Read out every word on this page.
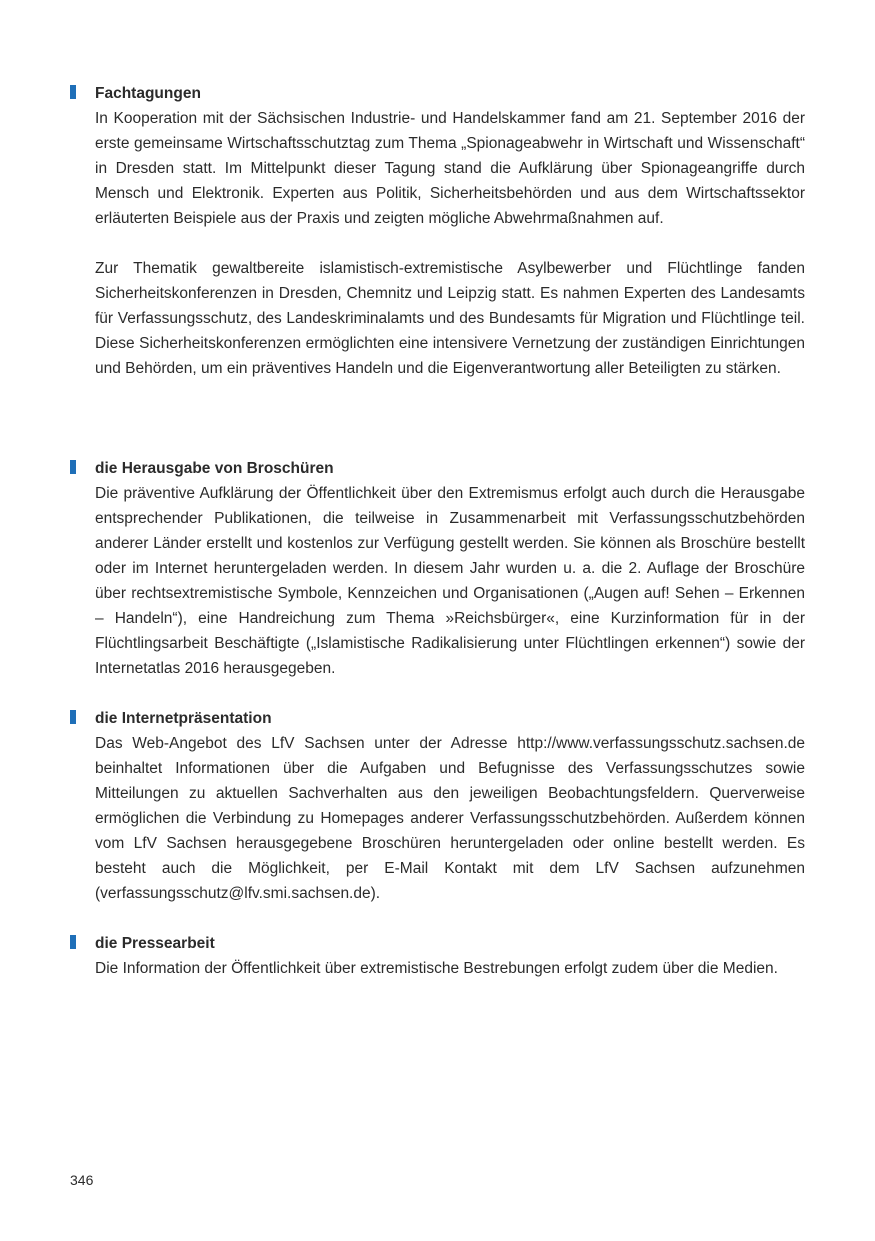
Fachtagungen

In Kooperation mit der Sächsischen Industrie- und Handelskammer fand am 21. September 2016 der erste gemeinsame Wirtschaftsschutztag zum Thema „Spionageabwehr in Wirtschaft und Wissenschaft“ in Dresden statt. Im Mittelpunkt dieser Tagung stand die Aufklärung über Spionageangriffe durch Mensch und Elektronik. Experten aus Politik, Sicherheitsbehörden und aus dem Wirtschaftssektor erläuterten Beispiele aus der Praxis und zeigten mögliche Abwehrmaßnahmen auf.

Zur Thematik gewaltbereite islamistisch-extremistische Asylbewerber und Flüchtlinge fanden Sicherheitskonferenzen in Dresden, Chemnitz und Leipzig statt. Es nahmen Experten des Landesamts für Verfassungsschutz, des Landeskriminalamts und des Bundesamts für Migration und Flüchtlinge teil. Diese Sicherheitskonferenzen ermöglichten eine intensivere Vernetzung der zuständigen Einrichtungen und Behörden, um ein präventives Handeln und die Eigenverantwortung aller Beteiligten zu stärken.

die Herausgabe von Broschüren

Die präventive Aufklärung der Öffentlichkeit über den Extremismus erfolgt auch durch die Herausgabe entsprechender Publikationen, die teilweise in Zusammenarbeit mit Verfassungsschutzbehörden anderer Länder erstellt und kostenlos zur Verfügung gestellt werden. Sie können als Broschüre bestellt oder im Internet heruntergeladen werden. In diesem Jahr wurden u. a. die 2. Auflage der Broschüre über rechtsextremistische Symbole, Kennzeichen und Organisationen („Augen auf! Sehen – Erkennen – Handeln“), eine Handreichung zum Thema »Reichsbürger«, eine Kurzinformation für in der Flüchtlingsarbeit Beschäftigte („Islamistische Radikalisierung unter Flüchtlingen erkennen“) sowie der Internetatlas 2016 herausgegeben.

die Internetpräsentation

Das Web-Angebot des LfV Sachsen unter der Adresse http://www.verfassungsschutz.sachsen.de beinhaltet Informationen über die Aufgaben und Befugnisse des Verfassungsschutzes sowie Mitteilungen zu aktuellen Sachverhalten aus den jeweiligen Beobachtungsfeldern. Querverweise ermöglichen die Verbindung zu Homepages anderer Verfassungsschutzbehörden. Außerdem können vom LfV Sachsen herausgegebene Broschüren heruntergeladen oder online bestellt werden. Es besteht auch die Möglichkeit, per E-Mail Kontakt mit dem LfV Sachsen aufzunehmen (verfassungsschutz@lfv.smi.sachsen.de).

die Pressearbeit

Die Information der Öffentlichkeit über extremistische Bestrebungen erfolgt zudem über die Medien.

346
